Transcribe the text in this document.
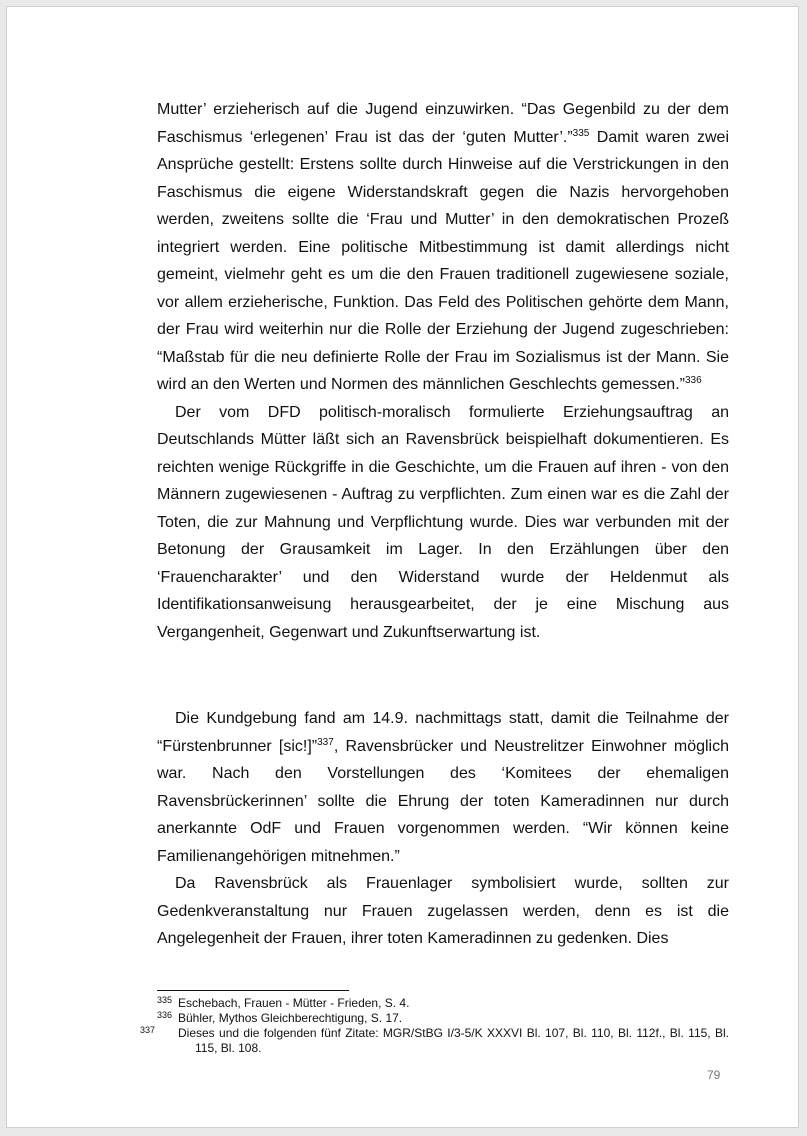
Mutter’ erzieherisch auf die Jugend einzuwirken. “Das Gegenbild zu der dem Faschismus ‘erlegenen’ Frau ist das der ‘guten Mutter’.”$^{335}$ Damit waren zwei Ansprüche gestellt: Erstens sollte durch Hinweise auf die Verstrickungen in den Faschismus die eigene Widerstandskraft gegen die Nazis hervorgehoben werden, zweitens sollte die ‘Frau und Mutter’ in den demokratischen Prozeß integriert werden. Eine politische Mitbestimmung ist damit allerdings nicht gemeint, vielmehr geht es um die den Frauen traditionell zugewiesene soziale, vor allem erzieherische, Funktion. Das Feld des Politischen gehörte dem Mann, der Frau wird weiterhin nur die Rolle der Erziehung der Jugend zugeschrieben: “Maßstab für die neu definierte Rolle der Frau im Sozialismus ist der Mann. Sie wird an den Werten und Normen des männlichen Geschlechts gemessen.”$^{336}$

Der vom DFD politisch-moralisch formulierte Erziehungsauftrag an Deutschlands Mütter läßt sich an Ravensbrück beispielhaft dokumentieren. Es reichten wenige Rückgriffe in die Geschichte, um die Frauen auf ihren - von den Männern zugewiesenen - Auftrag zu verpflichten. Zum einen war es die Zahl der Toten, die zur Mahnung und Verpflichtung wurde. Dies war verbunden mit der Betonung der Grausamkeit im Lager. In den Erzählungen über den ‘Frauencharakter’ und den Widerstand wurde der Heldenmut als Identifikationsanweisung herausgearbeitet, der je eine Mischung aus Vergangenheit, Gegenwart und Zukunftserwartung ist.

Die Kundgebung fand am 14.9. nachmittags statt, damit die Teilnahme der “Fürstenbrunner [sic!]”$^{337}$, Ravensbrücker und Neustrelitzer Einwohner möglich war. Nach den Vorstellungen des ‘Komitees der ehemaligen Ravensbrückerinnen’ sollte die Ehrung der toten Kameradinnen nur durch anerkannte OdF und Frauen vorgenommen werden. “Wir können keine Familienangehörigen mitnehmen.”

Da Ravensbrück als Frauenlager symbolisiert wurde, sollten zur Gedenkveranstaltung nur Frauen zugelassen werden, denn es ist die Angelegenheit der Frauen, ihrer toten Kameradinnen zu gedenken. Dies

335 Eschebach, Frauen - Mütter - Frieden, S. 4.

336 Bühler, Mythos Gleichberechtigung, S. 17.

337 Dieses und die folgenden fünf Zitate: MGR/StBG I/3-5/K XXXVI Bl. 107, Bl. 110, Bl. 112f., Bl. 115, Bl. 115, Bl. 108.

79
